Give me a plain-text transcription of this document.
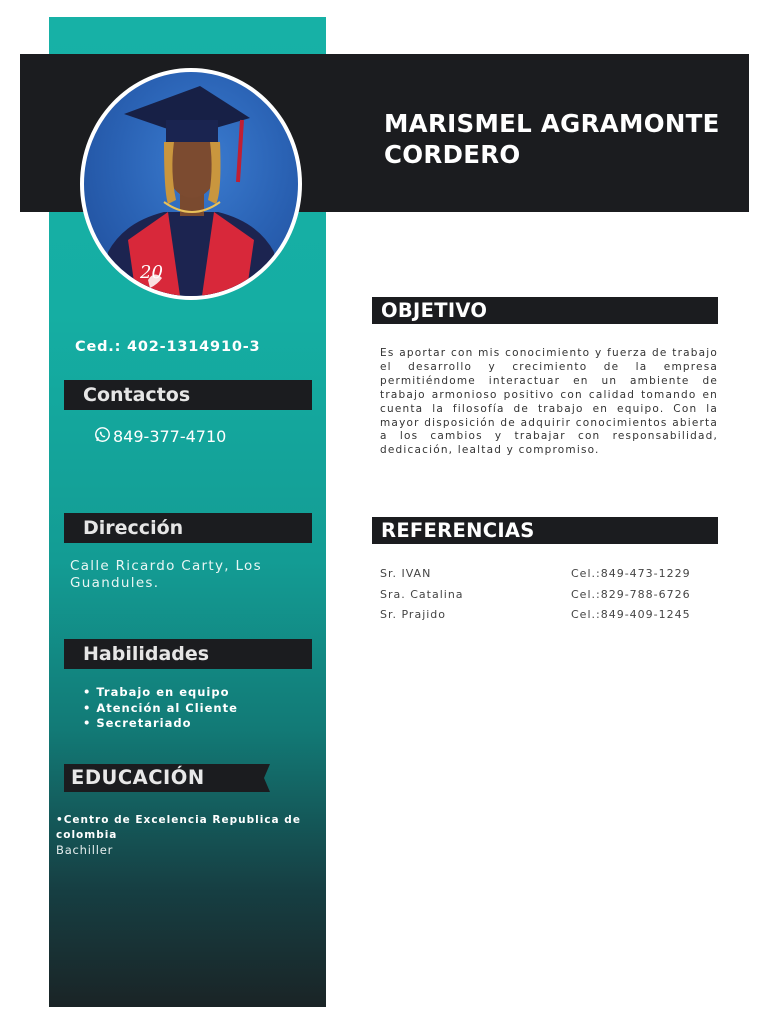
MARISMEL AGRAMONTE CORDERO
20
Ced.: 402-1314910-3
Contactos
849-377-4710
Dirección
Calle Ricardo Carty, Los Guandules.
Habilidades
• Trabajo en equipo
• Atención al Cliente
• Secretariado
EDUCACIÓN
•Centro de Excelencia Republica de colombia
Bachiller
OBJETIVO
Es aportar con mis conocimiento y fuerza de trabajo el desarrollo y crecimiento de la empresa permitiéndome interactuar en un ambiente de trabajo armonioso positivo con calidad tomando en cuenta la filosofía de trabajo en equipo. Con la mayor disposición de adquirir conocimientos abierta a los cambios y trabajar con responsabilidad, dedicación, lealtad y compromiso.
REFERENCIAS
Sr. IVAN	Cel.:849-473-1229
Sra. Catalina	Cel.:829-788-6726
Sr. Prajido	Cel.:849-409-1245
